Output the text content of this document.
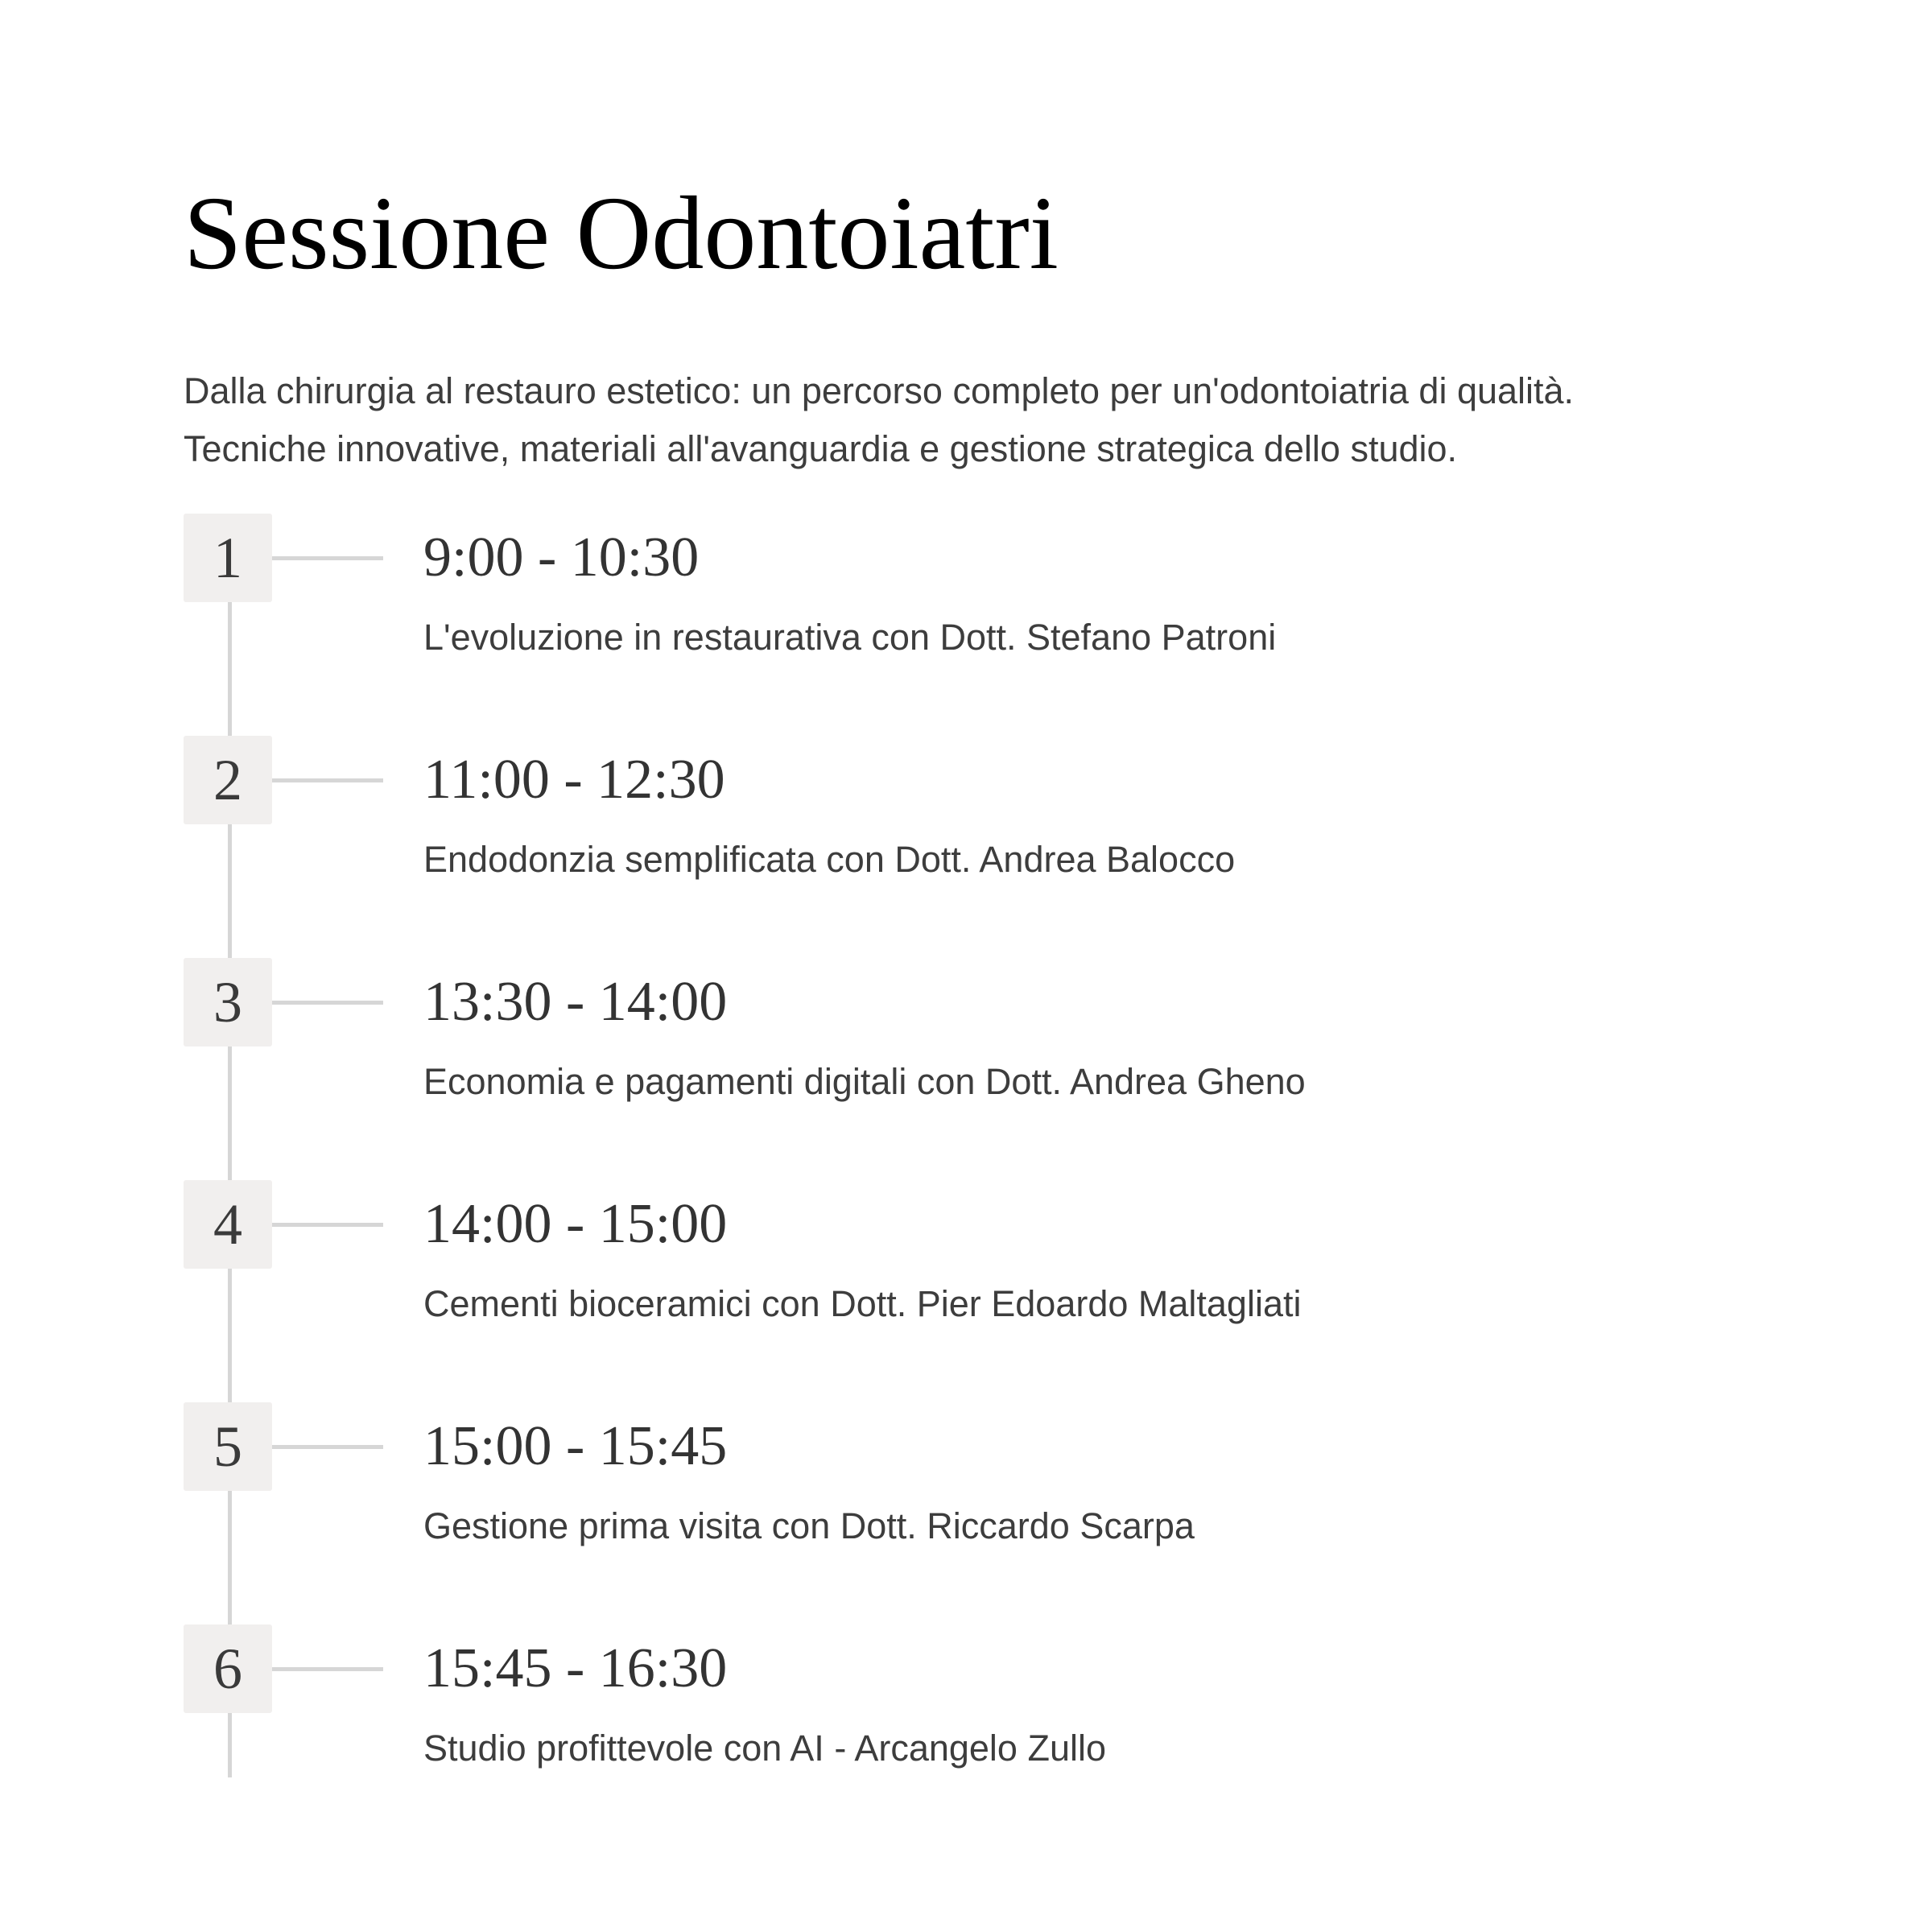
Sessione Odontoiatri

Dalla chirurgia al restauro estetico: un percorso completo per un'odontoiatria di qualità.
Tecniche innovative, materiali all'avanguardia e gestione strategica dello studio.

1	9:00 - 10:30
L'evoluzione in restaurativa con Dott. Stefano Patroni
2	11:00 - 12:30
Endodonzia semplificata con Dott. Andrea Balocco
3	13:30 - 14:00
Economia e pagamenti digitali con Dott. Andrea Gheno
4	14:00 - 15:00
Cementi bioceramici con Dott. Pier Edoardo Maltagliati
5	15:00 - 15:45
Gestione prima visita con Dott. Riccardo Scarpa
6	15:45 - 16:30
Studio profittevole con AI - Arcangelo Zullo
